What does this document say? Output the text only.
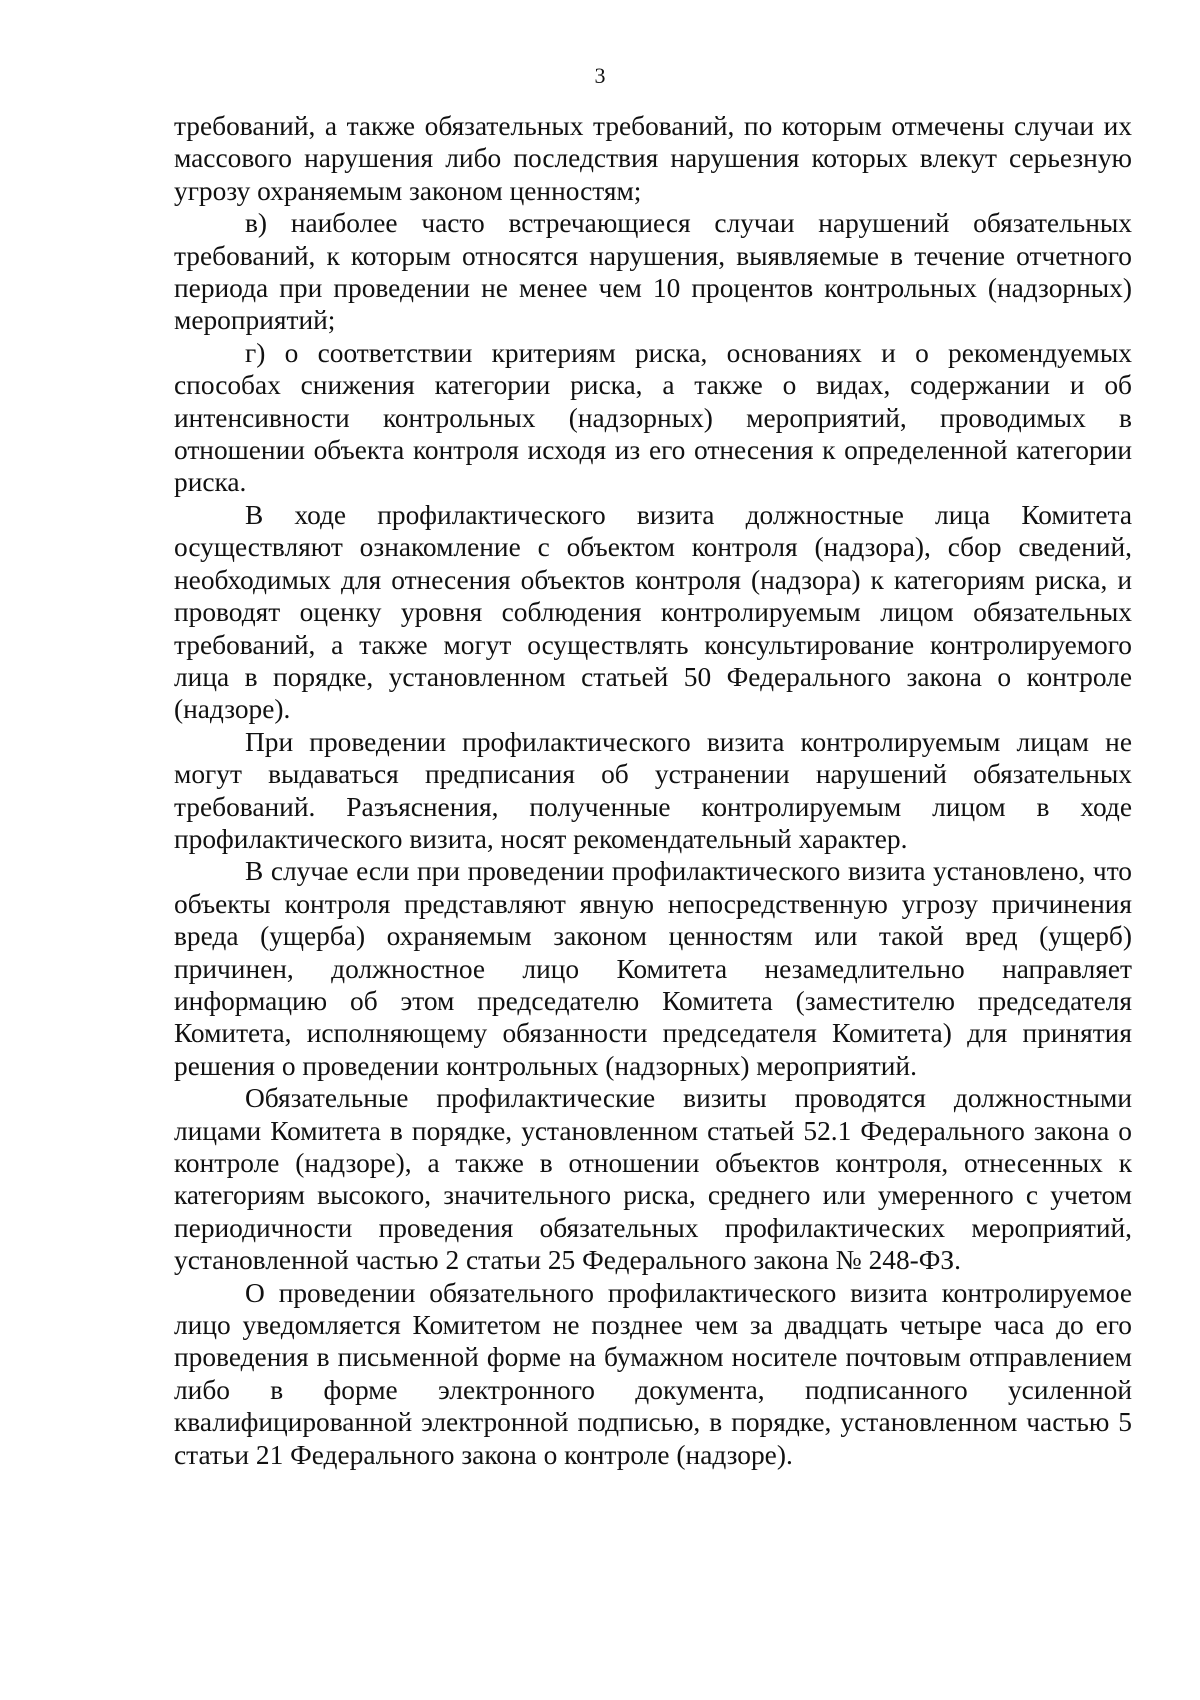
3

требований, а также обязательных требований, по которым отмечены случаи их массового нарушения либо последствия нарушения которых влекут серьезную угрозу охраняемым законом ценностям;

в) наиболее часто встречающиеся случаи нарушений обязательных требований, к которым относятся нарушения, выявляемые в течение отчетного периода при проведении не менее чем 10 процентов контрольных (надзорных) мероприятий;

г) о соответствии критериям риска, основаниях и о рекомендуемых способах снижения категории риска, а также о видах, содержании и об интенсивности контрольных (надзорных) мероприятий, проводимых в отношении объекта контроля исходя из его отнесения к определенной категории риска.

В ходе профилактического визита должностные лица Комитета осуществляют ознакомление с объектом контроля (надзора), сбор сведений, необходимых для отнесения объектов контроля (надзора) к категориям риска, и проводят оценку уровня соблюдения контролируемым лицом обязательных требований, а также могут осуществлять консультирование контролируемого лица в порядке, установленном статьей 50 Федерального закона о контроле (надзоре).

При проведении профилактического визита контролируемым лицам не могут выдаваться предписания об устранении нарушений обязательных требований. Разъяснения, полученные контролируемым лицом в ходе профилактического визита, носят рекомендательный характер.

В случае если при проведении профилактического визита установлено, что объекты контроля представляют явную непосредственную угрозу причинения вреда (ущерба) охраняемым законом ценностям или такой вред (ущерб) причинен, должностное лицо Комитета незамедлительно направляет информацию об этом председателю Комитета (заместителю председателя Комитета, исполняющему обязанности председателя Комитета) для принятия решения о проведении контрольных (надзорных) мероприятий.

Обязательные профилактические визиты проводятся должностными лицами Комитета в порядке, установленном статьей 52.1 Федерального закона о контроле (надзоре), а также в отношении объектов контроля, отнесенных к категориям высокого, значительного риска, среднего или умеренного с учетом периодичности проведения обязательных профилактических мероприятий, установленной частью 2 статьи 25 Федерального закона № 248-ФЗ.

О проведении обязательного профилактического визита контролируемое лицо уведомляется Комитетом не позднее чем за двадцать четыре часа до его проведения в письменной форме на бумажном носителе почтовым отправлением либо в форме электронного документа, подписанного усиленной квалифицированной электронной подписью, в порядке, установленном частью 5 статьи 21 Федерального закона о контроле (надзоре).
